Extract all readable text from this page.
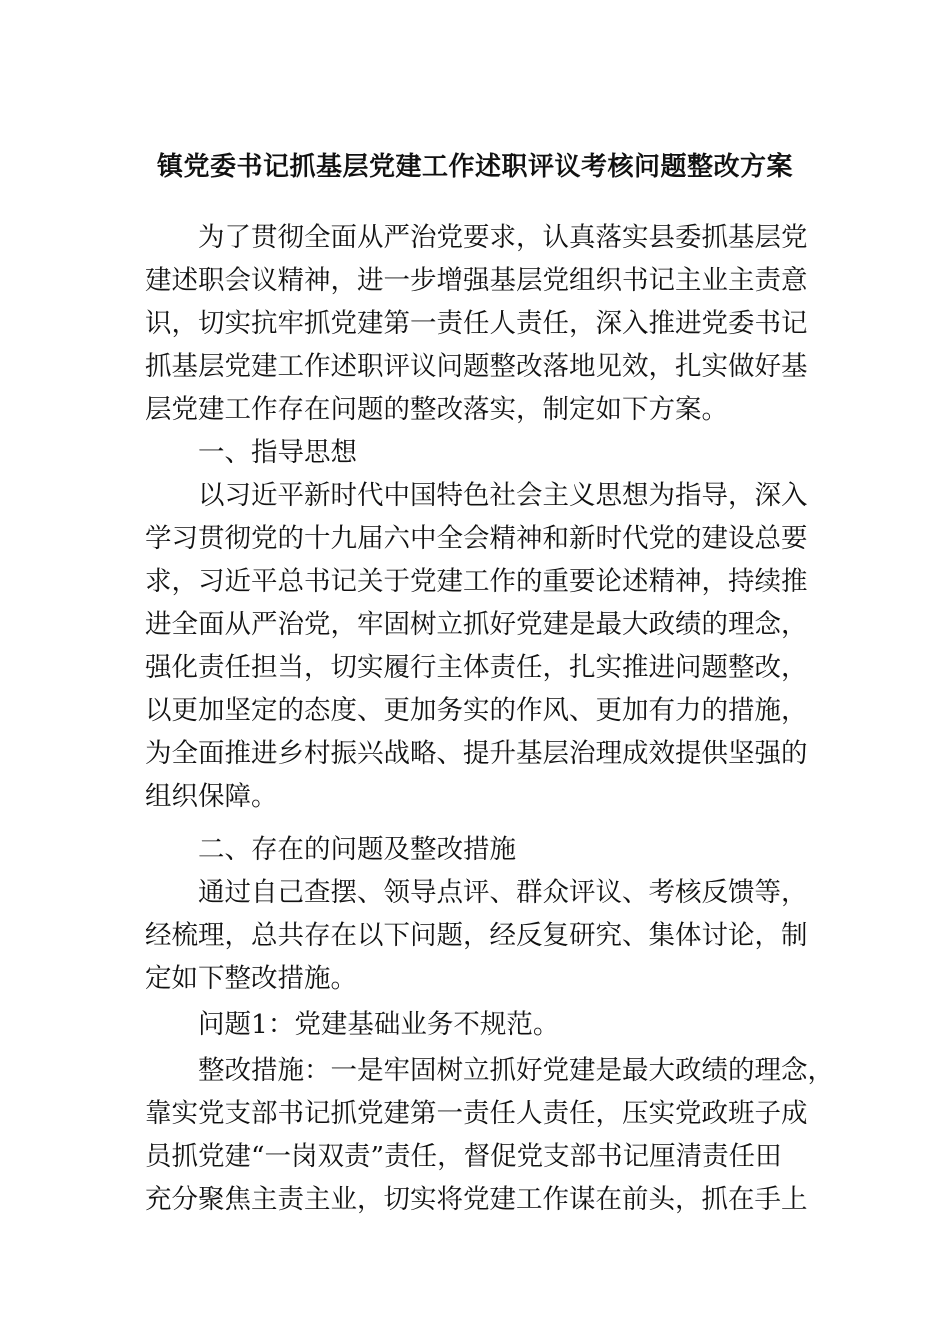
镇党委书记抓基层党建工作述职评议考核问题整改方案
为了贯彻全面从严治党要求，认真落实县委抓基层党
建述职会议精神，进一步增强基层党组织书记主业主责意
识，切实抗牢抓党建第一责任人责任，深入推进党委书记
抓基层党建工作述职评议问题整改落地见效，扎实做好基
层党建工作存在问题的整改落实，制定如下方案。
一、指导思想
以习近平新时代中国特色社会主义思想为指导，深入
学习贯彻党的十九届六中全会精神和新时代党的建设总要
求，习近平总书记关于党建工作的重要论述精神，持续推
进全面从严治党，牢固树立抓好党建是最大政绩的理念，
强化责任担当，切实履行主体责任，扎实推进问题整改，
以更加坚定的态度、更加务实的作风、更加有力的措施，
为全面推进乡村振兴战略、提升基层治理成效提供坚强的
组织保障。
二、存在的问题及整改措施
通过自己查摆、领导点评、群众评议、考核反馈等，
经梳理，总共存在以下问题，经反复研究、集体讨论，制
定如下整改措施。
问题1：党建基础业务不规范。
整改措施：一是牢固树立抓好党建是最大政绩的理念，
靠实党支部书记抓党建第一责任人责任，压实党政班子成
员抓党建“一岗双责”责任，督促党支部书记厘清责任田
充分聚焦主责主业，切实将党建工作谋在前头，抓在手上
